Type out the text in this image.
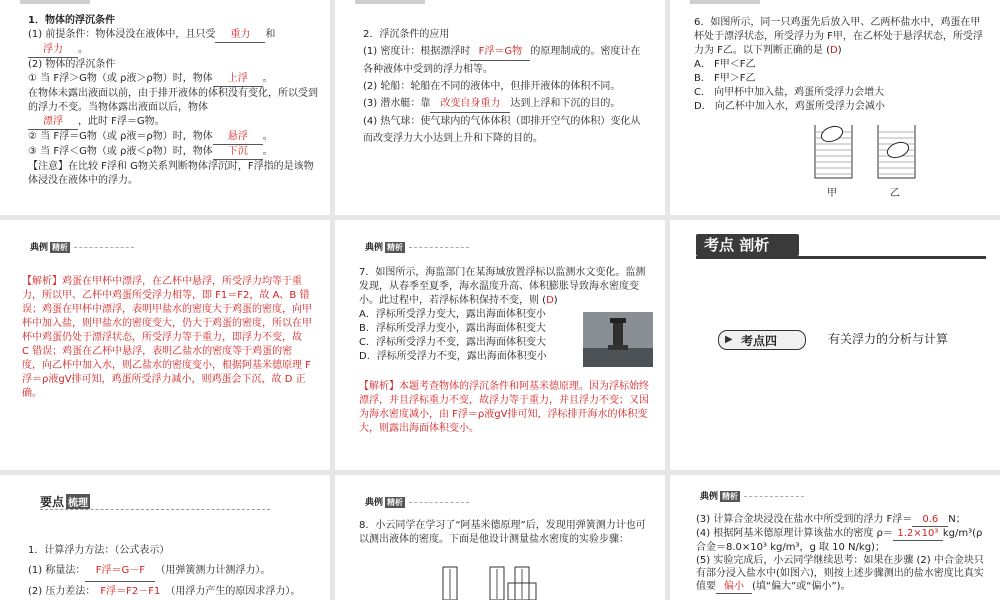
1．物体的浮沉条件
(1) 前提条件：物体浸没在液体中，且只受 重力 和
浮力 。
(2) 物体的浮沉条件
① 当 F浮＞G物（或 ρ液＞ρ物）时，物体 上浮 。
在物体未露出液面以前，由于排开液体的体积没有变化，所以受到的浮力不变。当物体露出液面以后，物体
漂浮 ，此时 F浮＝G物。
② 当 F浮＝G物（或 ρ液＝ρ物）时，物体 悬浮 。
③ 当 F浮＜G物（或 ρ液＜ρ物）时，物体 下沉 。
【注意】在比较 F浮和 G物关系判断物体浮沉时，F浮指的是该物体浸没在液体中的浮力。
2．浮沉条件的应用
(1) 密度计：根据漂浮时 F浮＝G物 的原理制成的。密度计在各种液体中受到的浮力相等。
(2) 轮船：轮船在不同的液体中，但排开液体的体积不同。
(3) 潜水艇：靠 改变自身重力 达到上浮和下沉的目的。
(4) 热气球：使气球内的气体体积（即排开空气的体积）变化从而改变浮力大小达到上升和下降的目的。
6．如图所示，同一只鸡蛋先后放入甲、乙两杯盐水中，鸡蛋在甲杯处于漂浮状态，所受浮力为 F甲，在乙杯处于悬浮状态，所受浮力为 F乙。以下判断正确的是 (D)
A． F甲＜F乙
B． F甲＞F乙
C． 向甲杯中加入盐，鸡蛋所受浮力会增大
D． 向乙杯中加入水，鸡蛋所受浮力会减小
甲	乙
典例 精析
【解析】鸡蛋在甲杯中漂浮，在乙杯中悬浮，所受浮力均等于重力，所以甲、乙杯中鸡蛋所受浮力相等，即 F1＝F2，故 A、B 错误；鸡蛋在甲杯中漂浮，表明甲盐水的密度大于鸡蛋的密度，向甲杯中加入盐，则甲盐水的密度变大，仍大于鸡蛋的密度，所以在甲杯中鸡蛋仍处于漂浮状态，所受浮力等于重力，即浮力不变，故 C 错误；鸡蛋在乙杯中悬浮，表明乙盐水的密度等于鸡蛋的密度，向乙杯中加入水，则乙盐水的密度变小，根据阿基米德原理 F浮＝ρ液gV排可知，鸡蛋所受浮力减小，则鸡蛋会下沉，故 D 正确。
典例 精析
7．如图所示，海监部门在某海域放置浮标以监测水文变化。监测发现，从春季至夏季，海水温度升高、体积膨胀导致海水密度变小。此过程中，若浮标体积保持不变，则 (D)
A．浮标所受浮力变大，露出海面体积变小
B．浮标所受浮力变小，露出海面体积变大
C．浮标所受浮力不变，露出海面体积变大
D．浮标所受浮力不变，露出海面体积变小
【解析】本题考查物体的浮沉条件和阿基米德原理。因为浮标始终漂浮，并且浮标重力不变，故浮力等于重力，并且浮力不变；又因为海水密度减小，由 F浮＝ρ液gV排可知，浮标排开海水的体积变大，则露出海面体积变小。
考点 剖析
▶ 考点四	有关浮力的分析与计算
要点 梳理
1．计算浮力方法：（公式表示）
(1) 称量法： F浮＝G－F （用弹簧测力计测浮力）。
(2) 压力差法： F浮＝F2－F1 （用浮力产生的原因求浮力）。
典例 精析
8．小云同学在学习了“阿基米德原理”后，发现用弹簧测力计也可以测出液体的密度。下面是他设计测量盐水密度的实验步骤：
典例 精析
(3) 计算合金块浸没在盐水中所受到的浮力 F浮＝ 0.6 N；
(4) 根据阿基米德原理计算该盐水的密度 ρ＝ 1.2×10³ kg/m³(ρ合金＝8.0×10³ kg/m³，g 取 10 N/kg)；
(5) 实验完成后，小云同学继续思考：如果在步骤 (2) 中合金块只有部分浸入盐水中(如图六)，则按上述步骤测出的盐水密度比真实值要 偏小 (填“偏大”或“偏小”)。
